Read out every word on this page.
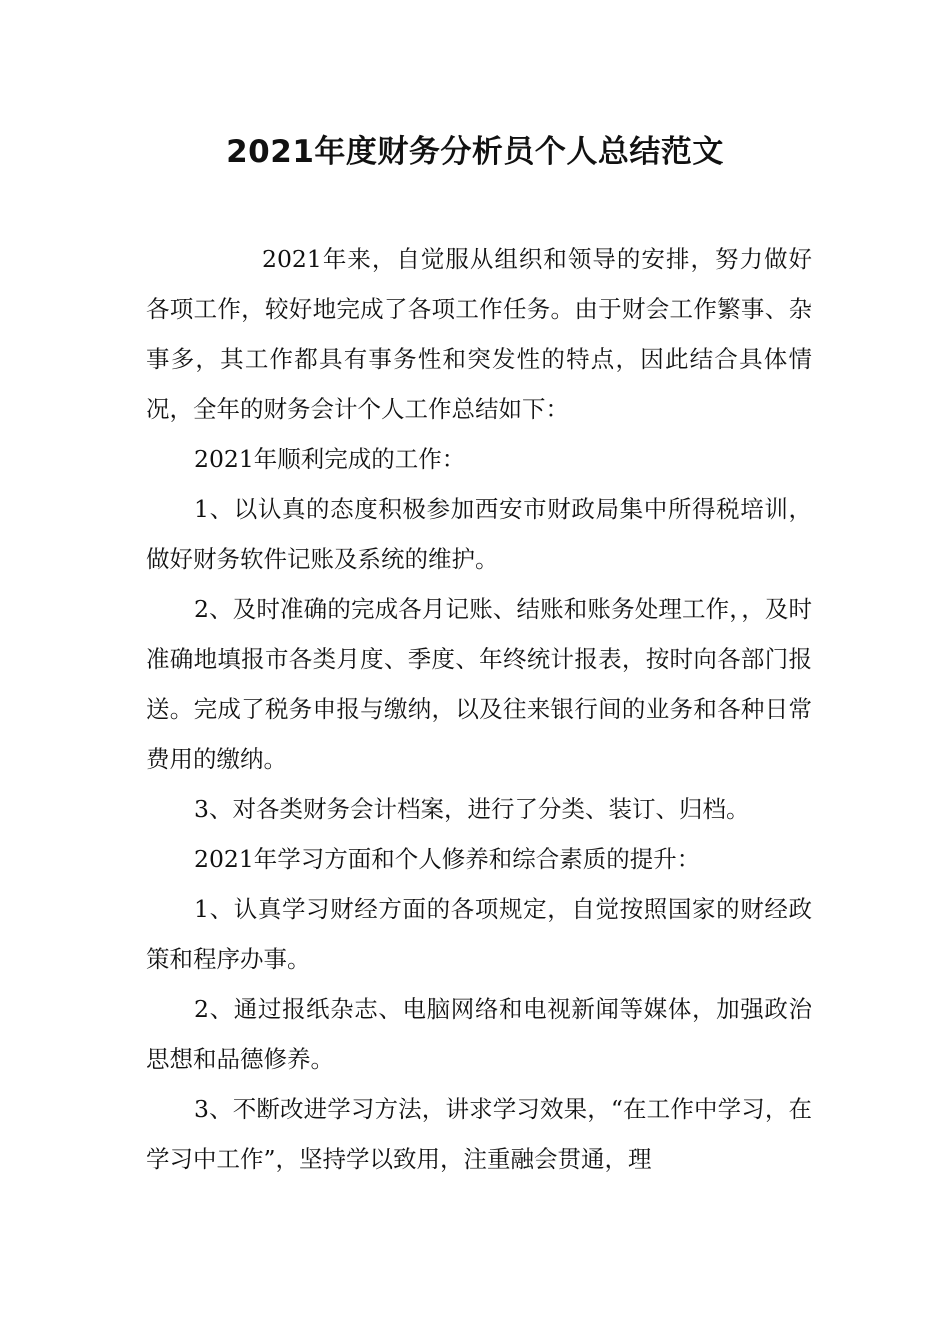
2021年度财务分析员个人总结范文

2021年来，自觉服从组织和领导的安排，努力做好各项工作，较好地完成了各项工作任务。由于财会工作繁事、杂事多，其工作都具有事务性和突发性的特点，因此结合具体情况，全年的财务会计个人工作总结如下：

2021年顺利完成的工作：

1、以认真的态度积极参加西安市财政局集中所得税培训，做好财务软件记账及系统的维护。

2、及时准确的完成各月记账、结账和账务处理工作，，及时准确地填报市各类月度、季度、年终统计报表，按时向各部门报送。完成了税务申报与缴纳，以及往来银行间的业务和各种日常费用的缴纳。

3、对各类财务会计档案，进行了分类、装订、归档。

2021年学习方面和个人修养和综合素质的提升：

1、认真学习财经方面的各项规定，自觉按照国家的财经政策和程序办事。

2、通过报纸杂志、电脑网络和电视新闻等媒体，加强政治思想和品德修养。

3、不断改进学习方法，讲求学习效果，“在工作中学习，在学习中工作”，坚持学以致用，注重融会贯通，理
